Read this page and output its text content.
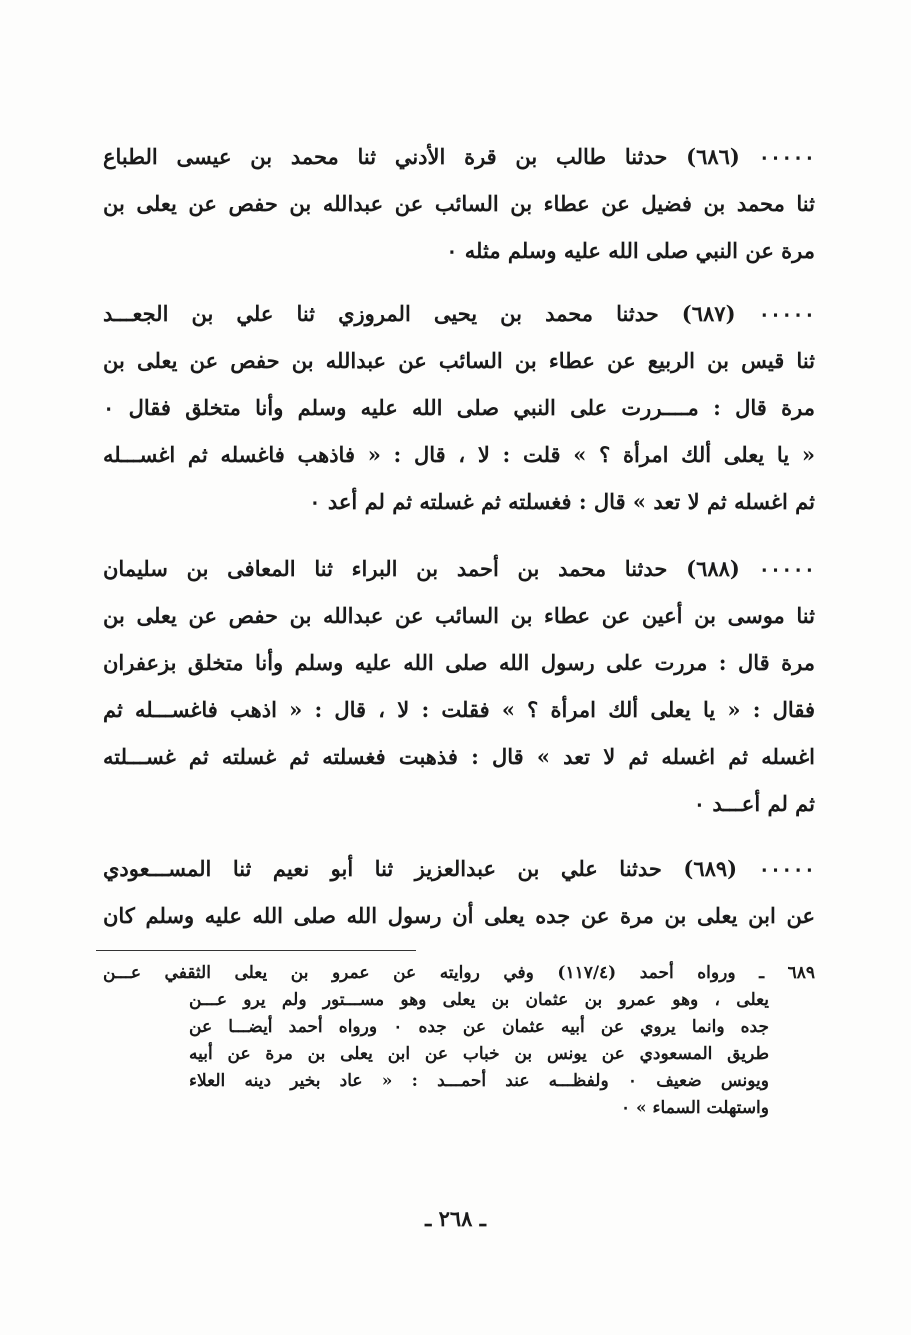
٠٠٠٠٠ (٦٨٦) حدثنا طالب بن قرة الأدني ثنا محمد بن عيسى الطباع
ثنا محمد بن فضيل عن عطاء بن السائب عن عبدالله بن حفص عن يعلى بن
مرة عن النبي صلى الله عليه وسلم مثله ٠
٠٠٠٠٠ (٦٨٧) حدثنا محمد بن يحيى المروزي ثنا علي بن الجعـــد
ثنا قيس بن الربيع عن عطاء بن السائب عن عبدالله بن حفص عن يعلى بن
مرة قال : مــــررت على النبي صلى الله عليه وسلم وأنا متخلق فقال ٠
« يا يعلى ألك امرأة ؟ » قلت : لا ، قال : « فاذهب فاغسله ثم اغســـله
ثم اغسله ثم لا تعد » قال : فغسلته ثم غسلته ثم لم أعد ٠
٠٠٠٠٠ (٦٨٨) حدثنا محمد بن أحمد بن البراء ثنا المعافى بن سليمان
ثنا موسى بن أعين عن عطاء بن السائب عن عبدالله بن حفص عن يعلى بن
مرة قال : مررت على رسول الله صلى الله عليه وسلم وأنا متخلق بزعفران
فقال : « يا يعلى ألك امرأة ؟ » فقلت : لا ، قال : « اذهب فاغســـله ثم
اغسله ثم اغسله ثم لا تعد » قال : فذهبت فغسلته ثم غسلته ثم غســـلته
ثم لم أعـــد ٠
٠٠٠٠٠ (٦٨٩) حدثنا علي بن عبدالعزيز ثنا أبو نعيم ثنا المســـعودي
عن ابن يعلى بن مرة عن جده يعلى أن رسول الله صلى الله عليه وسلم كان
٦٨٩ ـ ورواه أحمد (١١٧/٤) وفي روايته عن عمرو بن يعلى الثقفي عـــن
يعلى ، وهو عمرو بن عثمان بن يعلى وهو مســـتور ولم يرو عـــن
جده وانما يروي عن أبيه عثمان عن جده ٠ ورواه أحمد أيضـــا عن
طريق المسعودي عن يونس بن خباب عن ابن يعلى بن مرة عن أبيه
ويونس ضعيف ٠ ولفظـــه عند أحمـــد : « عاد بخير دينه العلاء
واستهلت السماء » ٠
ـ ٢٦٨ ـ
